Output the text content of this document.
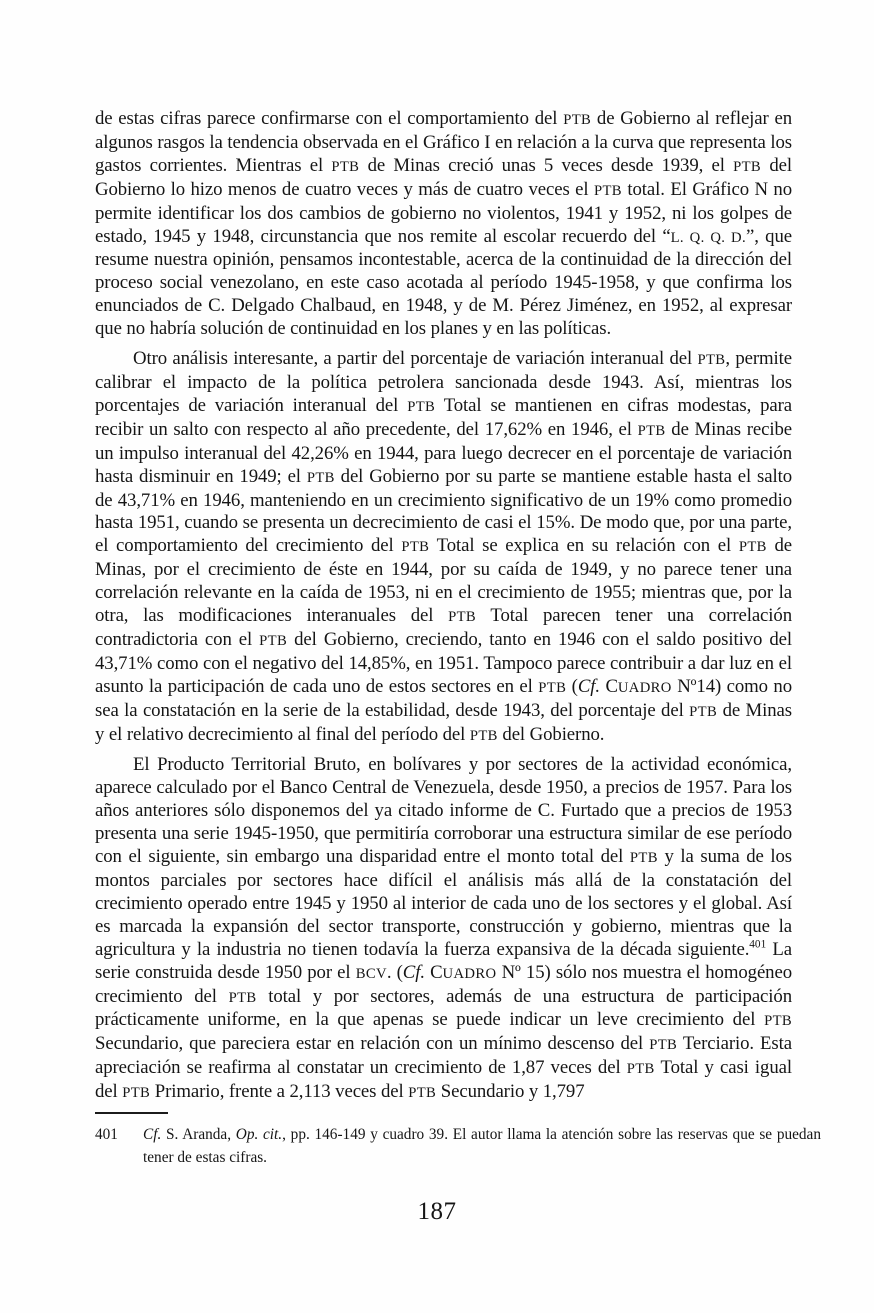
de estas cifras parece confirmarse con el comportamiento del PTB de Gobierno al reflejar en algunos rasgos la tendencia observada en el Gráfico I en relación a la curva que representa los gastos corrientes. Mientras el PTB de Minas creció unas 5 veces desde 1939, el PTB del Gobierno lo hizo menos de cuatro veces y más de cuatro veces el PTB total. El Gráfico N no permite identificar los dos cambios de gobierno no violentos, 1941 y 1952, ni los golpes de estado, 1945 y 1948, circunstancia que nos remite al escolar recuerdo del “L. Q. Q. D.”, que resume nuestra opinión, pensamos incontestable, acerca de la continuidad de la dirección del proceso social venezolano, en este caso acotada al período 1945-1958, y que confirma los enunciados de C. Delgado Chalbaud, en 1948, y de M. Pérez Jiménez, en 1952, al expresar que no habría solución de continuidad en los planes y en las políticas.

Otro análisis interesante, a partir del porcentaje de variación interanual del PTB, permite calibrar el impacto de la política petrolera sancionada desde 1943. Así, mientras los porcentajes de variación interanual del PTB Total se mantienen en cifras modestas, para recibir un salto con respecto al año precedente, del 17,62% en 1946, el PTB de Minas recibe un impulso interanual del 42,26% en 1944, para luego decrecer en el porcentaje de variación hasta disminuir en 1949; el PTB del Gobierno por su parte se mantiene estable hasta el salto de 43,71% en 1946, manteniendo en un crecimiento significativo de un 19% como promedio hasta 1951, cuando se presenta un decrecimiento de casi el 15%. De modo que, por una parte, el comportamiento del crecimiento del PTB Total se explica en su relación con el PTB de Minas, por el crecimiento de éste en 1944, por su caída de 1949, y no parece tener una correlación relevante en la caída de 1953, ni en el crecimiento de 1955; mientras que, por la otra, las modificaciones interanuales del PTB Total parecen tener una correlación contradictoria con el PTB del Gobierno, creciendo, tanto en 1946 con el saldo positivo del 43,71% como con el negativo del 14,85%, en 1951. Tampoco parece contribuir a dar luz en el asunto la participación de cada uno de estos sectores en el PTB (Cf. CUADRO Nº14) como no sea la constatación en la serie de la estabilidad, desde 1943, del porcentaje del PTB de Minas y el relativo decrecimiento al final del período del PTB del Gobierno.

El Producto Territorial Bruto, en bolívares y por sectores de la actividad económica, aparece calculado por el Banco Central de Venezuela, desde 1950, a precios de 1957. Para los años anteriores sólo disponemos del ya citado informe de C. Furtado que a precios de 1953 presenta una serie 1945-1950, que permitiría corroborar una estructura similar de ese período con el siguiente, sin embargo una disparidad entre el monto total del PTB y la suma de los montos parciales por sectores hace difícil el análisis más allá de la constatación del crecimiento operado entre 1945 y 1950 al interior de cada uno de los sectores y el global. Así es marcada la expansión del sector transporte, construcción y gobierno, mientras que la agricultura y la industria no tienen todavía la fuerza expansiva de la década siguiente.$^{401}$ La serie construida desde 1950 por el BCV. (Cf. CUADRO Nº 15) sólo nos muestra el homogéneo crecimiento del PTB total y por sectores, además de una estructura de participación prácticamente uniforme, en la que apenas se puede indicar un leve crecimiento del PTB Secundario, que pareciera estar en relación con un mínimo descenso del PTB Terciario. Esta apreciación se reafirma al constatar un crecimiento de 1,87 veces del PTB Total y casi igual del PTB Primario, frente a 2,113 veces del PTB Secundario y 1,797

401	Cf. S. Aranda, Op. cit., pp. 146-149 y cuadro 39. El autor llama la atención sobre las reservas que se puedan tener de estas cifras.
187
